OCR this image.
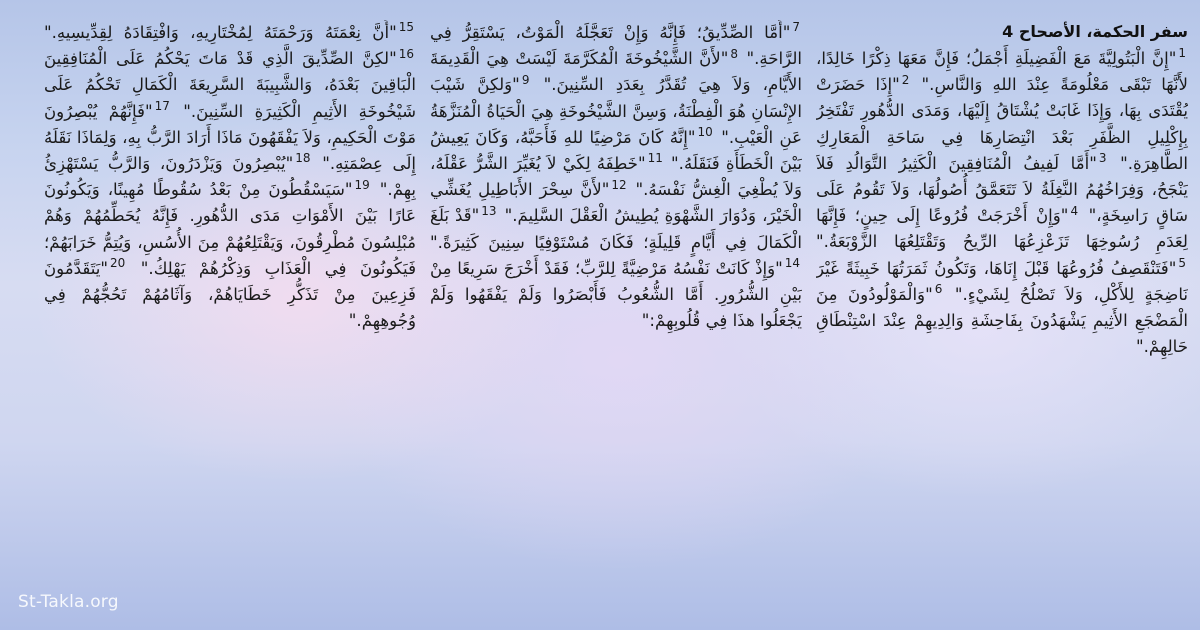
سفر الحكمة، الأصحاح 4
$^1$"إِنَّ الْبَتُولِيَّةَ مَعَ الْفَضِيلَةِ أَجْمَلُ؛ فَإِنَّ مَعَهَا ذِكْرًا خَالِدًا، لأَنَّهَا تَبْقَى مَعْلُومَةً عِنْدَ اللهِ وَالنَّاسِ." $^2$"إِذَا حَضَرَتْ يُقْتَدَى بِهَا، وَإِذَا غَابَتْ يُشْتَاقُ إِلَيْهَا، وَمَدَى الدُّهُورِ تَفْتَخِرُ بِإِكْلِيلِ الظَّفَرِ بَعْدَ انْتِصَارِهَا فِي سَاحَةِ الْمَعَارِكِ الطَّاهِرَةِ." $^3$"أَمَّا لَفِيفُ الْمُنَافِقِينَ الْكَثِيرُ التَّوَالُدِ فَلاَ يَنْجَحُ، وَفِرَاخُهُمُ النَّغِلَةُ لاَ تَتَعَمَّقُ أُصُولُهَا، وَلاَ تَقُومُ عَلَى سَاقٍ رَاسِخَةٍ،" $^4$"وَإِنْ أَخْرَجَتْ فُرُوعًا إِلَى حِينٍ؛ فَإِنَّهَا لِعَدَمِ رُسُوخِهَا تَزَعْزِعُهَا الرِّيحُ وَتَقْتَلِعُهَا الزَّوْبَعَةُ." $^5$"فَتَنْقَصِفُ فُرُوعُهَا قَبْلَ إِنَاهَا، وَتَكُونُ ثَمَرَتُهَا خَبِيثَةً غَيْرَ نَاضِجَةٍ لِلأَكْلِ، وَلاَ تَصْلُحُ لِشَيْءٍ." $^6$"وَالْمَوْلُودُونَ مِنَ الْمَضْجَعِ الأَثِيمِ يَشْهَدُونَ بِفَاحِشَةِ وَالِدِيهِمْ عِنْدَ اسْتِنْطَاقِ حَالِهِمْ."
$^7$"أَمَّا الصِّدِّيقُ؛ فَإِنَّهُ وَإِنْ تَعَجَّلَهُ الْمَوْتُ، يَسْتَقِرُّ فِي الرَّاحَةِ." $^8$"لأَنَّ الشَّيْخُوخَةَ الْمُكَرَّمَةَ لَيْسَتْ هِيَ الْقَدِيمَةَ الأَيَّامِ، وَلاَ هِيَ تُقَدَّرُ بِعَدَدِ السِّنِينَ." $^9$"وَلكِنَّ شَيْبَ الإِنْسَانِ هُوَ الْفِطْنَةُ، وَسِنَّ الشَّيْخُوخَةِ هِيَ الْحَيَاةُ الْمُنَزَّهَةُ عَنِ الْعَيْبِ." $^{10}$"إِنَّهُ كَانَ مَرْضِيًا للهِ فَأَحَبَّهُ، وَكَانَ يَعِيشُ بَيْنَ الْخَطَأَةِ فَنَقَلَهُ." $^{11}$"خَطِفَهُ لِكَيْ لاَ يُغَيِّرَ الشَّرُّ عَقْلَهُ، وَلاَ يُطْغِيَ الْغِشُّ نَفْسَهُ." $^{12}$"لأَنَّ سِحْرَ الأَبَاطِيلِ يُغَشِّي الْخَيْرَ، وَدُوَارَ الشَّهْوَةِ يُطِيشُ الْعَقْلَ السَّلِيمَ." $^{13}$"قَدْ بَلَغَ الْكَمَالَ فِي أَيَّامٍ قَلِيلَةٍ؛ فَكَانَ مُسْتَوْفِيًا سِنِينَ كَثِيرَةً." $^{14}$"وَإِذْ كَانَتْ نَفْسُهُ مَرْضِيَّةً لِلرَّبِّ؛ فَقَدْ أَخْرَجَ سَرِيعًا مِنْ بَيْنِ الشُّرُورِ. أَمَّا الشُّعُوبُ فَأَبْصَرُوا وَلَمْ يَفْقَهُوا وَلَمْ يَجْعَلُوا هذَا فِي قُلُوبِهِمْ:"
$^{15}$"أَنَّ نِعْمَتَهُ وَرَحْمَتَهُ لِمُخْتَارِيهِ، وَافْتِقَادَهُ لِقِدِّيسِيهِ." $^{16}$"لكِنَّ الصِّدِّيقَ الَّذِي قَدْ مَاتَ يَحْكُمُ عَلَى الْمُنَافِقِينَ الْبَاقِينَ بَعْدَهُ، وَالشَّبِيبَةَ السَّرِيعَةَ الْكَمَالِ تَحْكُمُ عَلَى شَيْخُوخَةِ الأَثِيمِ الْكَثِيرَةِ السِّنِينَ." $^{17}$"فَإِنَّهُمْ يُبْصِرُونَ مَوْتَ الْحَكِيمِ، وَلاَ يَفْقَهُونَ مَاذَا أَرَادَ الرَّبُّ بِهِ، وَلِمَاذَا نَقَلَهُ إِلَى عِصْمَتِهِ." $^{18}$"يُبْصِرُونَ وَيَزْدَرُونَ، وَالرَّبُّ يَسْتَهْزِئُ بِهِمْ." $^{19}$"سَيَسْقُطُونَ مِنْ بَعْدُ سُقُوطًا مُهِينًا، وَيَكُونُونَ عَارًا بَيْنَ الأَمْوَاتِ مَدَى الدُّهُورِ. فَإِنَّهُ يُحَطِّمُهُمْ وَهُمْ مُبْلِسُونَ مُطْرِقُونَ، وَيَقْتَلِعُهُمْ مِنَ الأُسُسِ، وَيُتِمُّ خَرَابَهُمْ؛ فَيَكُونُونَ فِي الْعَذَابِ وَذِكْرُهُمْ يَهْلِكُ." $^{20}$"يَتَقَدَّمُونَ فَزِعِينَ مِنْ تَذَكُّرِ خَطَايَاهُمْ، وَآثَامُهُمْ تَحُجُّهُمْ فِي وُجُوهِهِمْ."
St-Takla.org
